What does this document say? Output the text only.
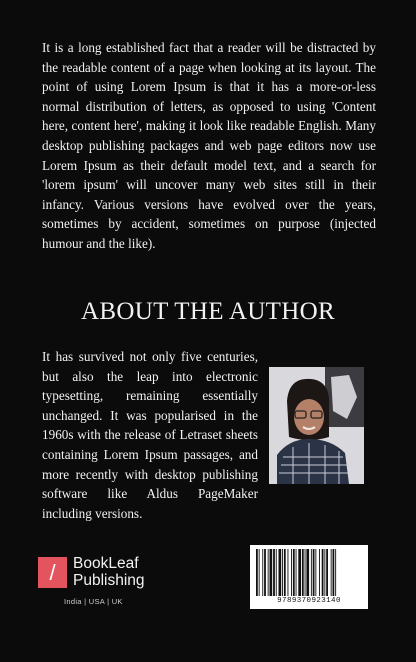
It is a long established fact that a reader will be distracted by the readable content of a page when looking at its layout. The point of using Lorem Ipsum is that it has a more-or-less normal distribution of letters, as opposed to using 'Content here, content here', making it look like readable English. Many desktop publishing packages and web page editors now use Lorem Ipsum as their default model text, and a search for 'lorem ipsum' will uncover many web sites still in their infancy. Various versions have evolved over the years, sometimes by accident, sometimes on purpose (injected humour and the like).

ABOUT THE AUTHOR

It has survived not only five centuries, but also the leap into electronic typesetting, remaining essentially unchanged. It was popularised in the 1960s with the release of Letraset sheets containing Lorem Ipsum passages, and more recently with desktop publishing software like Aldus PageMaker including versions.

/	BookLeaf
Publishing
India | USA | UK	9789370923140
